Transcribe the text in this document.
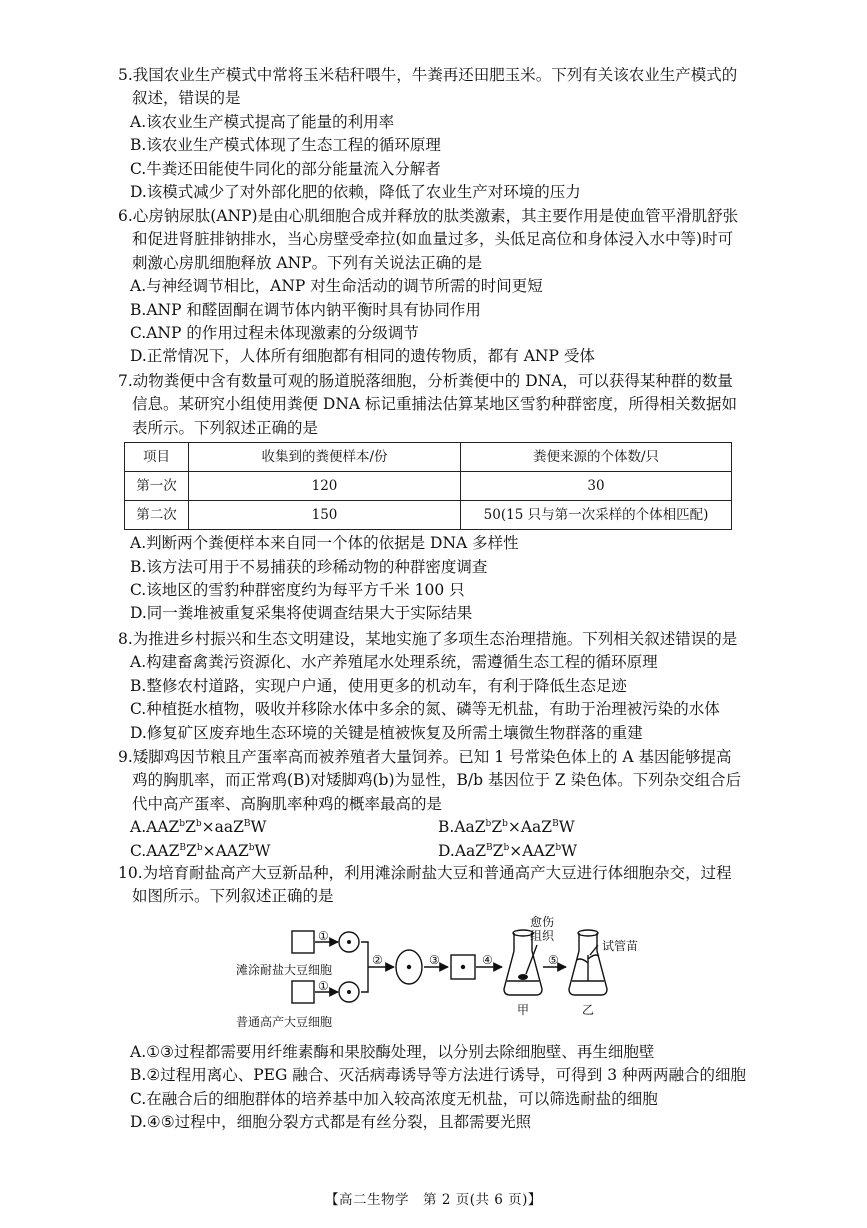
5.我国农业生产模式中常将玉米秸秆喂牛，牛粪再还田肥玉米。下列有关该农业生产模式的叙述，错误的是

A.该农业生产模式提高了能量的利用率

B.该农业生产模式体现了生态工程的循环原理

C.牛粪还田能使牛同化的部分能量流入分解者

D.该模式减少了对外部化肥的依赖，降低了农业生产对环境的压力

6.心房钠尿肽(ANP)是由心肌细胞合成并释放的肽类激素，其主要作用是使血管平滑肌舒张和促进肾脏排钠排水，当心房壁受牵拉(如血量过多，头低足高位和身体浸入水中等)时可刺激心房肌细胞释放 ANP。下列有关说法正确的是

A.与神经调节相比，ANP 对生命活动的调节所需的时间更短

B.ANP 和醛固酮在调节体内钠平衡时具有协同作用

C.ANP 的作用过程未体现激素的分级调节

D.正常情况下，人体所有细胞都有相同的遗传物质，都有 ANP 受体

7.动物粪便中含有数量可观的肠道脱落细胞，分析粪便中的 DNA，可以获得某种群的数量信息。某研究小组使用粪便 DNA 标记重捕法估算某地区雪豹种群密度，所得相关数据如表所示。下列叙述正确的是

项目	收集到的粪便样本/份	粪便来源的个体数/只
第一次	120	30
第二次	150	50(15 只与第一次采样的个体相匹配)

A.判断两个粪便样本来自同一个体的依据是 DNA 多样性

B.该方法可用于不易捕获的珍稀动物的种群密度调查

C.该地区的雪豹种群密度约为每平方千米 100 只

D.同一粪堆被重复采集将使调查结果大于实际结果

8.为推进乡村振兴和生态文明建设，某地实施了多项生态治理措施。下列相关叙述错误的是

A.构建畜禽粪污资源化、水产养殖尾水处理系统，需遵循生态工程的循环原理

B.整修农村道路，实现户户通，使用更多的机动车，有利于降低生态足迹

C.种植挺水植物，吸收并移除水体中多余的氮、磷等无机盐，有助于治理被污染的水体

D.修复矿区废弃地生态环境的关键是植被恢复及所需土壤微生物群落的重建

9.矮脚鸡因节粮且产蛋率高而被养殖者大量饲养。已知 1 号常染色体上的 A 基因能够提高鸡的胸肌率，而正常鸡(B)对矮脚鸡(b)为显性，B/b 基因位于 Z 染色体。下列杂交组合后代中高产蛋率、高胸肌率种鸡的概率最高的是

$A.AAZ^bZ^b\times aaZ^BW$	$B.AaZ^bZ^b\times AaZ^BW$
$C.AAZ^BZ^b\times AAZ^bW$	$D.AaZ^BZ^b\times AAZ^bW$

10.为培育耐盐高产大豆新品种，利用滩涂耐盐大豆和普通高产大豆进行体细胞杂交，过程如图所示。下列叙述正确的是

①
①
②	③	④	⑤
滩涂耐盐大豆细胞
普通高产大豆细胞
愈伤组织
试管苗
甲	乙

A.①③过程都需要用纤维素酶和果胶酶处理，以分别去除细胞壁、再生细胞壁

B.②过程用离心、PEG 融合、灭活病毒诱导等方法进行诱导，可得到 3 种两两融合的细胞

C.在融合后的细胞群体的培养基中加入较高浓度无机盐，可以筛选耐盐的细胞

D.④⑤过程中，细胞分裂方式都是有丝分裂，且都需要光照

【高二生物学　第 2 页(共 6 页)】
